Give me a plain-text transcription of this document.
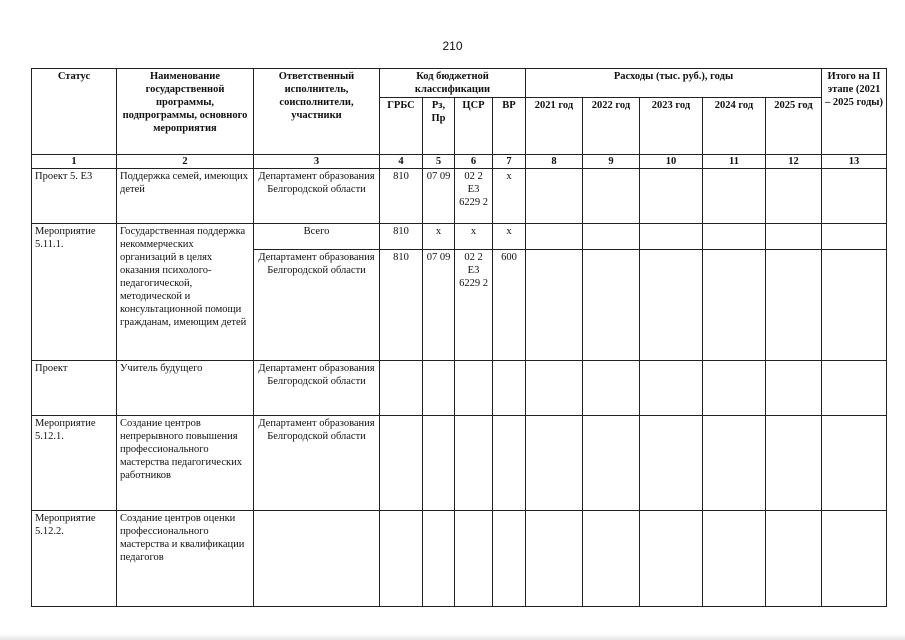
210
Статус	Наименование государственной программы, подпрограммы, основного мероприятия	Ответственный исполнитель, соисполнители, участники	Код бюджетной классификации				Расходы (тыс. руб.), годы					Итого на II этапе (2021 – 2025 годы)
			ГРБС	Рз, Пр	ЦСР	ВР	2021 год	2022 год	2023 год	2024 год	2025 год	
1	2	3	4	5	6	7	8	9	10	11	12	13
Проект 5. Е3	Поддержка семей, имеющих детей	Департамент образования Белгородской области	810	07 09	02 2 Е3 6229 2	х						
Мероприятие 5.11.1.	Государственная поддержка некоммерческих организаций в целях оказания психолого-педагогической, методической и консультационной помощи гражданам, имеющим детей	Всего	810	х	х	х						
		Департамент образования Белгородской области	810	07 09	02 2 Е3 6229 2	600						
Проект	Учитель будущего	Департамент образования Белгородской области										
Мероприятие 5.12.1.	Создание центров непрерывного повышения профессионального мастерства педагогических работников	Департамент образования Белгородской области										
Мероприятие 5.12.2.	Создание центров оценки профессионального мастерства и квалификации педагогов											
